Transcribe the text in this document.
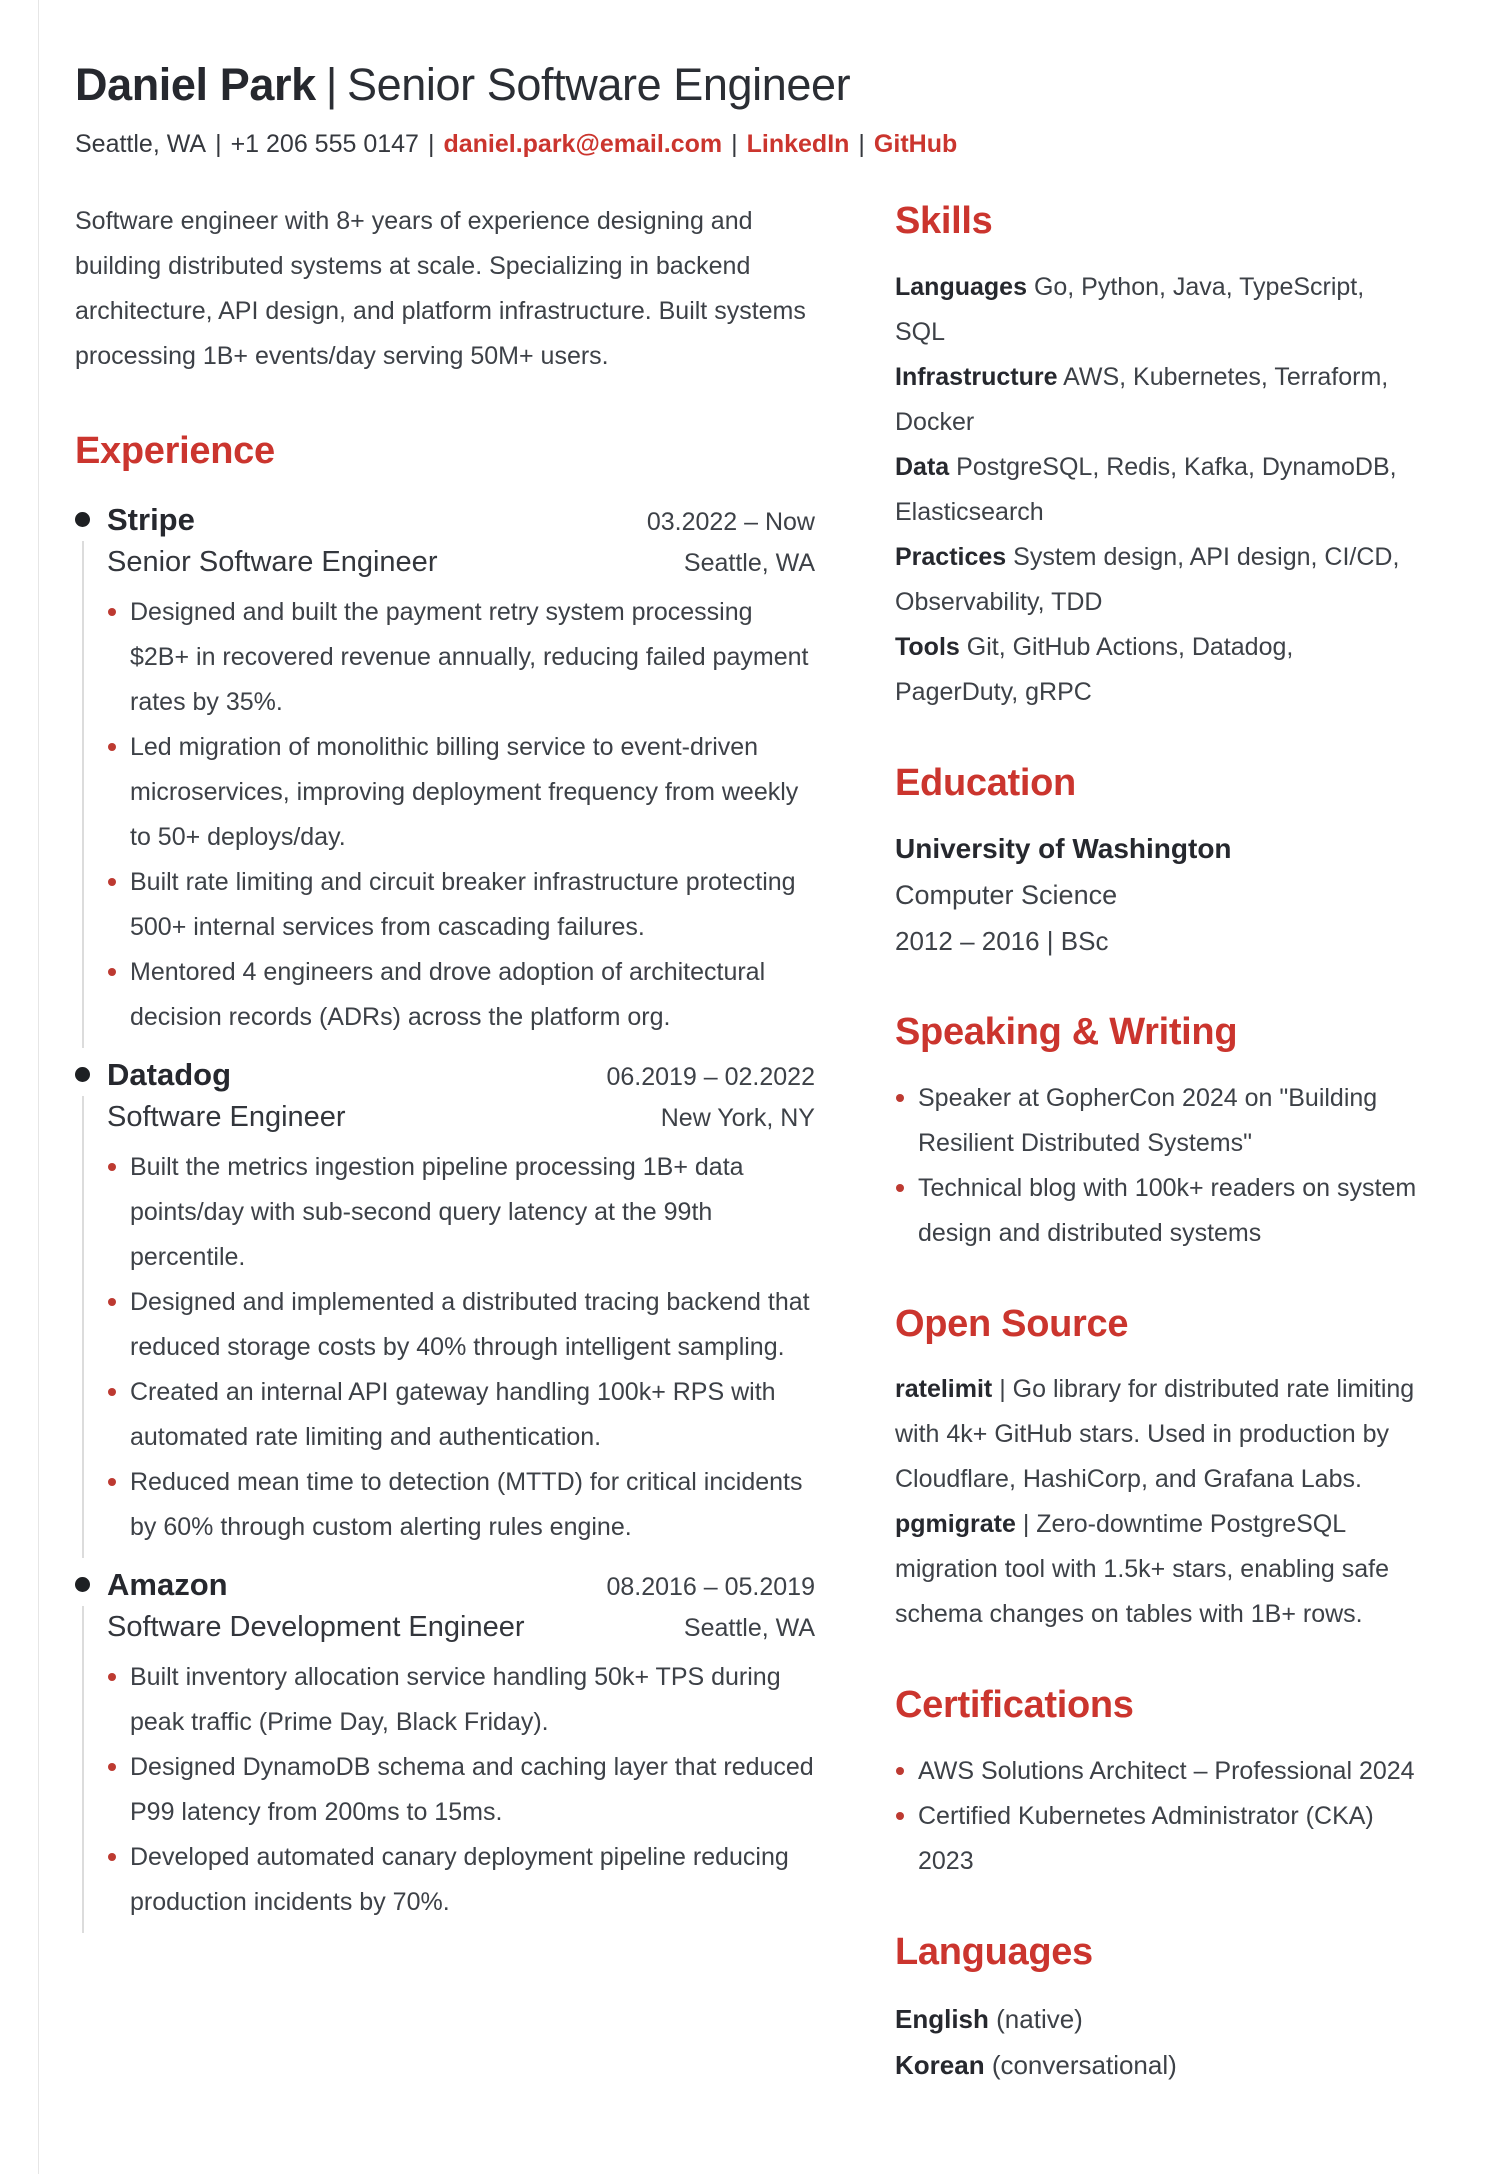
Daniel Park | Senior Software Engineer
Seattle, WA | +1 206 555 0147 | daniel.park@email.com | LinkedIn | GitHub

Software engineer with 8+ years of experience designing and building distributed systems at scale. Specializing in backend architecture, API design, and platform infrastructure. Built systems processing 1B+ events/day serving 50M+ users.

Experience
Stripe	03.2022 – Now
Senior Software Engineer	Seattle, WA
Designed and built the payment retry system processing $2B+ in recovered revenue annually, reducing failed payment rates by 35%.
Led migration of monolithic billing service to event-driven microservices, improving deployment frequency from weekly to 50+ deploys/day.
Built rate limiting and circuit breaker infrastructure protecting 500+ internal services from cascading failures.
Mentored 4 engineers and drove adoption of architectural decision records (ADRs) across the platform org.
Datadog	06.2019 – 02.2022
Software Engineer	New York, NY
Built the metrics ingestion pipeline processing 1B+ data points/day with sub-second query latency at the 99th percentile.
Designed and implemented a distributed tracing backend that reduced storage costs by 40% through intelligent sampling.
Created an internal API gateway handling 100k+ RPS with automated rate limiting and authentication.
Reduced mean time to detection (MTTD) for critical incidents by 60% through custom alerting rules engine.
Amazon	08.2016 – 05.2019
Software Development Engineer	Seattle, WA
Built inventory allocation service handling 50k+ TPS during peak traffic (Prime Day, Black Friday).
Designed DynamoDB schema and caching layer that reduced P99 latency from 200ms to 15ms.
Developed automated canary deployment pipeline reducing production incidents by 70%.
Skills

Languages Go, Python, Java, TypeScript, SQL

Infrastructure AWS, Kubernetes, Terraform, Docker

Data PostgreSQL, Redis, Kafka, DynamoDB, Elasticsearch

Practices System design, API design, CI/CD, Observability, TDD

Tools Git, GitHub Actions, Datadog, PagerDuty, gRPC

Education
University of Washington
Computer Science
2012 – 2016 | BSc
Speaking & Writing
Speaker at GopherCon 2024 on "Building Resilient Distributed Systems"
Technical blog with 100k+ readers on system design and distributed systems
Open Source

ratelimit | Go library for distributed rate limiting with 4k+ GitHub stars. Used in production by Cloudflare, HashiCorp, and Grafana Labs.

pgmigrate | Zero-downtime PostgreSQL migration tool with 1.5k+ stars, enabling safe schema changes on tables with 1B+ rows.

Certifications
AWS Solutions Architect – Professional 2024
Certified Kubernetes Administrator (CKA) 2023
Languages
English (native)
Korean (conversational)
